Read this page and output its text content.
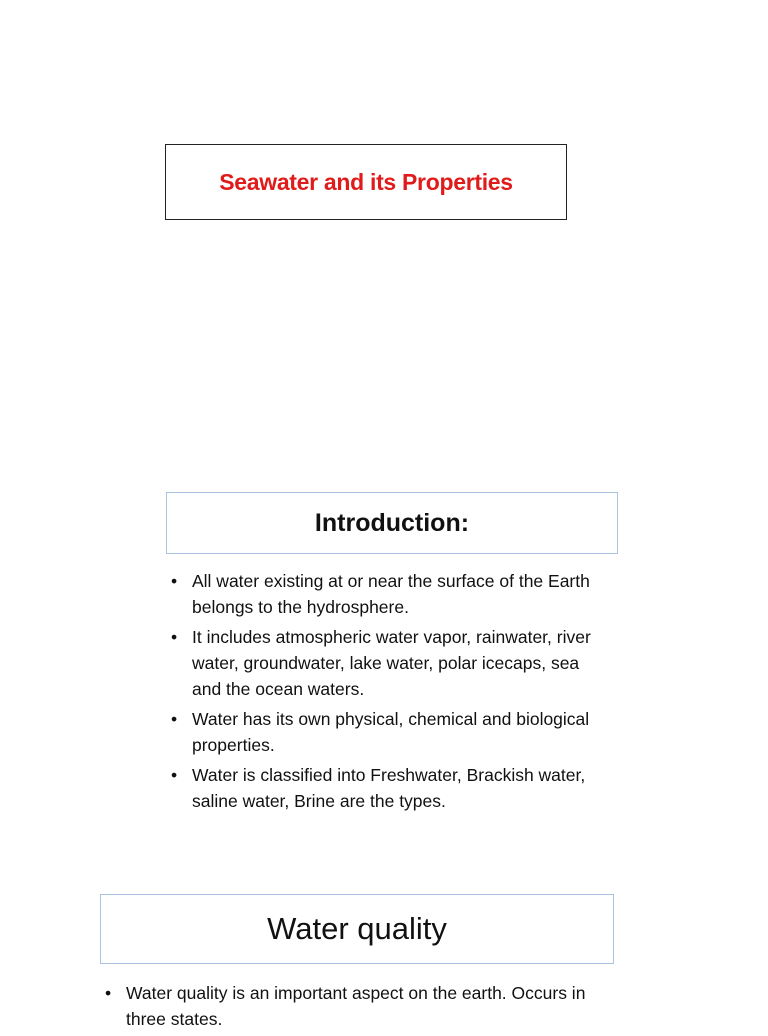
Seawater and its Properties
Introduction:
• All water existing at or near the surface of the Earth belongs to the hydrosphere.
• It includes atmospheric water vapor, rainwater, river water, groundwater, lake water, polar icecaps, sea and the ocean waters.
• Water has its own physical, chemical and biological properties.
• Water is classified into Freshwater, Brackish water, saline water, Brine are the types.
Water quality
• Water quality is an important aspect on the earth. Occurs in three states.
